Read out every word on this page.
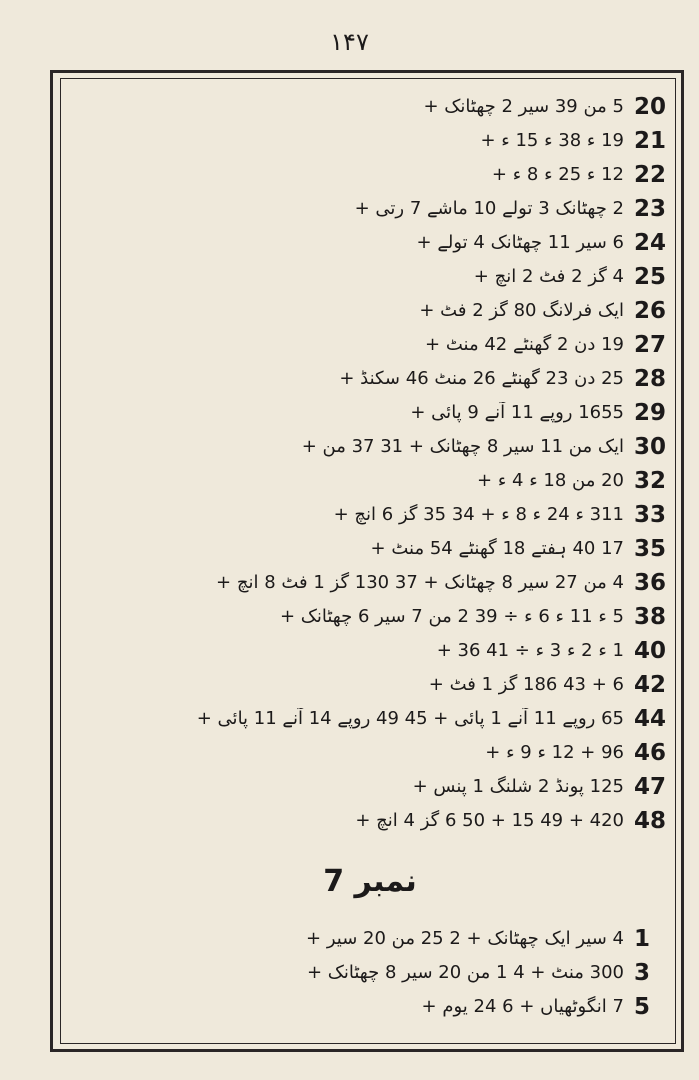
۱۴۷
20
5 من 39 سیر 2 چھٹانک +
21
19 ء 38 ء 15 ء +
22
12 ء 25 ء 8 ء +
23
2 چھٹانک 3 تولے 10 ماشے 7 رتی +
24
6 سیر 11 چھٹانک 4 تولے +
25
4 گز 2 فٹ 2 انچ +
26
ایک فرلانگ 80 گز 2 فٹ +
27
19 دن 2 گھنٹے 42 منٹ +
28
25 دن 23 گھنٹے 26 منٹ 46 سکنڈ +
29
1655 روپے 11 آنے 9 پائی +
30
ایک من 11 سیر 8 چھٹانک + 31 37 من +
32
20 من 18 ء 4 ء +
33
311 ء 24 ء 8 ء + 34 35 گز 6 انچ +
35
17 40 ہفتے 18 گھنٹے 54 منٹ +
36
4 من 27 سیر 8 چھٹانک + 37 130 گز 1 فٹ 8 انچ +
38
5 ء 11 ء 6 ء ÷ 39 2 من 7 سیر 6 چھٹانک +
40
1 ء 2 ء 3 ء ÷ 41 36 +
42
6 + 43 186 گز 1 فٹ +
44
65 روپے 11 آنے 1 پائی + 45 49 روپے 14 آنے 11 پائی +
46
96 + 12 ء 9 ء +
47
125 پونڈ 2 شلنگ 1 پنس +
48
420 + 49 15 + 50 6 گز 4 انچ +
نمبر 7
1
4 سیر ایک چھٹانک + 2 25 من 20 سیر +
3
300 منٹ + 4 1 من 20 سیر 8 چھٹانک +
5
7 انگوٹھیاں + 6 24 یوم +
